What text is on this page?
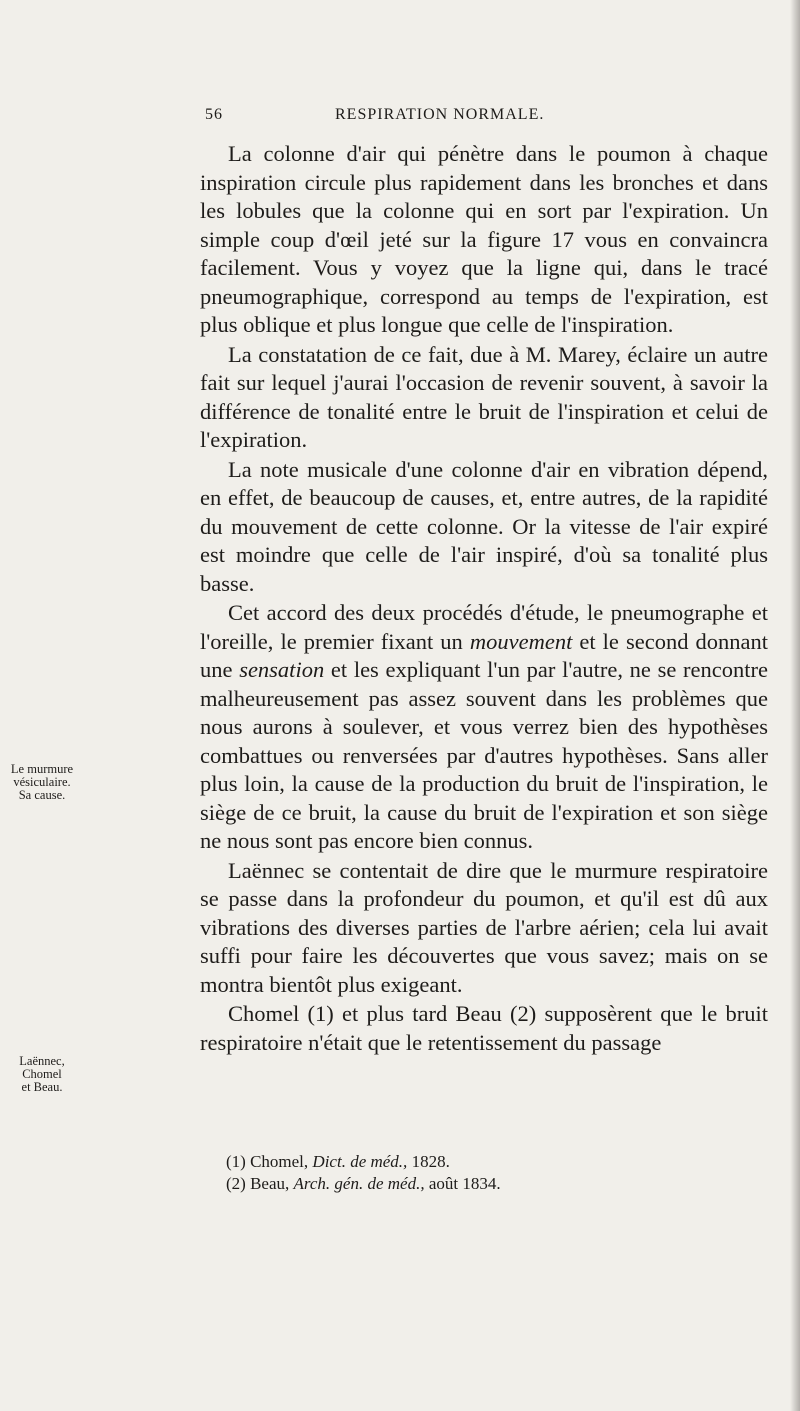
56	RESPIRATION NORMALE.

La colonne d'air qui pénètre dans le poumon à chaque inspiration circule plus rapidement dans les bronches et dans les lobules que la colonne qui en sort par l'expiration. Un simple coup d'œil jeté sur la figure 17 vous en convaincra facilement. Vous y voyez que la ligne qui, dans le tracé pneumographique, correspond au temps de l'expiration, est plus oblique et plus longue que celle de l'inspiration.

La constatation de ce fait, due à M. Marey, éclaire un autre fait sur lequel j'aurai l'occasion de revenir souvent, à savoir la différence de tonalité entre le bruit de l'inspiration et celui de l'expiration.

La note musicale d'une colonne d'air en vibration dépend, en effet, de beaucoup de causes, et, entre autres, de la rapidité du mouvement de cette colonne. Or la vitesse de l'air expiré est moindre que celle de l'air inspiré, d'où sa tonalité plus basse.

Cet accord des deux procédés d'étude, le pneumographe et l'oreille, le premier fixant un mouvement et le second donnant une sensation et les expliquant l'un par l'autre, ne se rencontre malheureusement pas assez souvent dans les problèmes que nous aurons à soulever, et vous verrez bien des hypothèses combattues ou renversées par d'autres hypothèses. Sans aller plus loin, la cause de la production du bruit de l'inspiration, le siège de ce bruit, la cause du bruit de l'expiration et son siège ne nous sont pas encore bien connus.

Laënnec se contentait de dire que le murmure respiratoire se passe dans la profondeur du poumon, et qu'il est dû aux vibrations des diverses parties de l'arbre aérien; cela lui avait suffi pour faire les découvertes que vous savez; mais on se montra bientôt plus exigeant.

Chomel (1) et plus tard Beau (2) supposèrent que le bruit respiratoire n'était que le retentissement du passage

Le murmure
vésiculaire.
Sa cause.
Laënnec,
Chomel
et Beau.
(1) Chomel, Dict. de méd., 1828.
(2) Beau, Arch. gén. de méd., août 1834.
